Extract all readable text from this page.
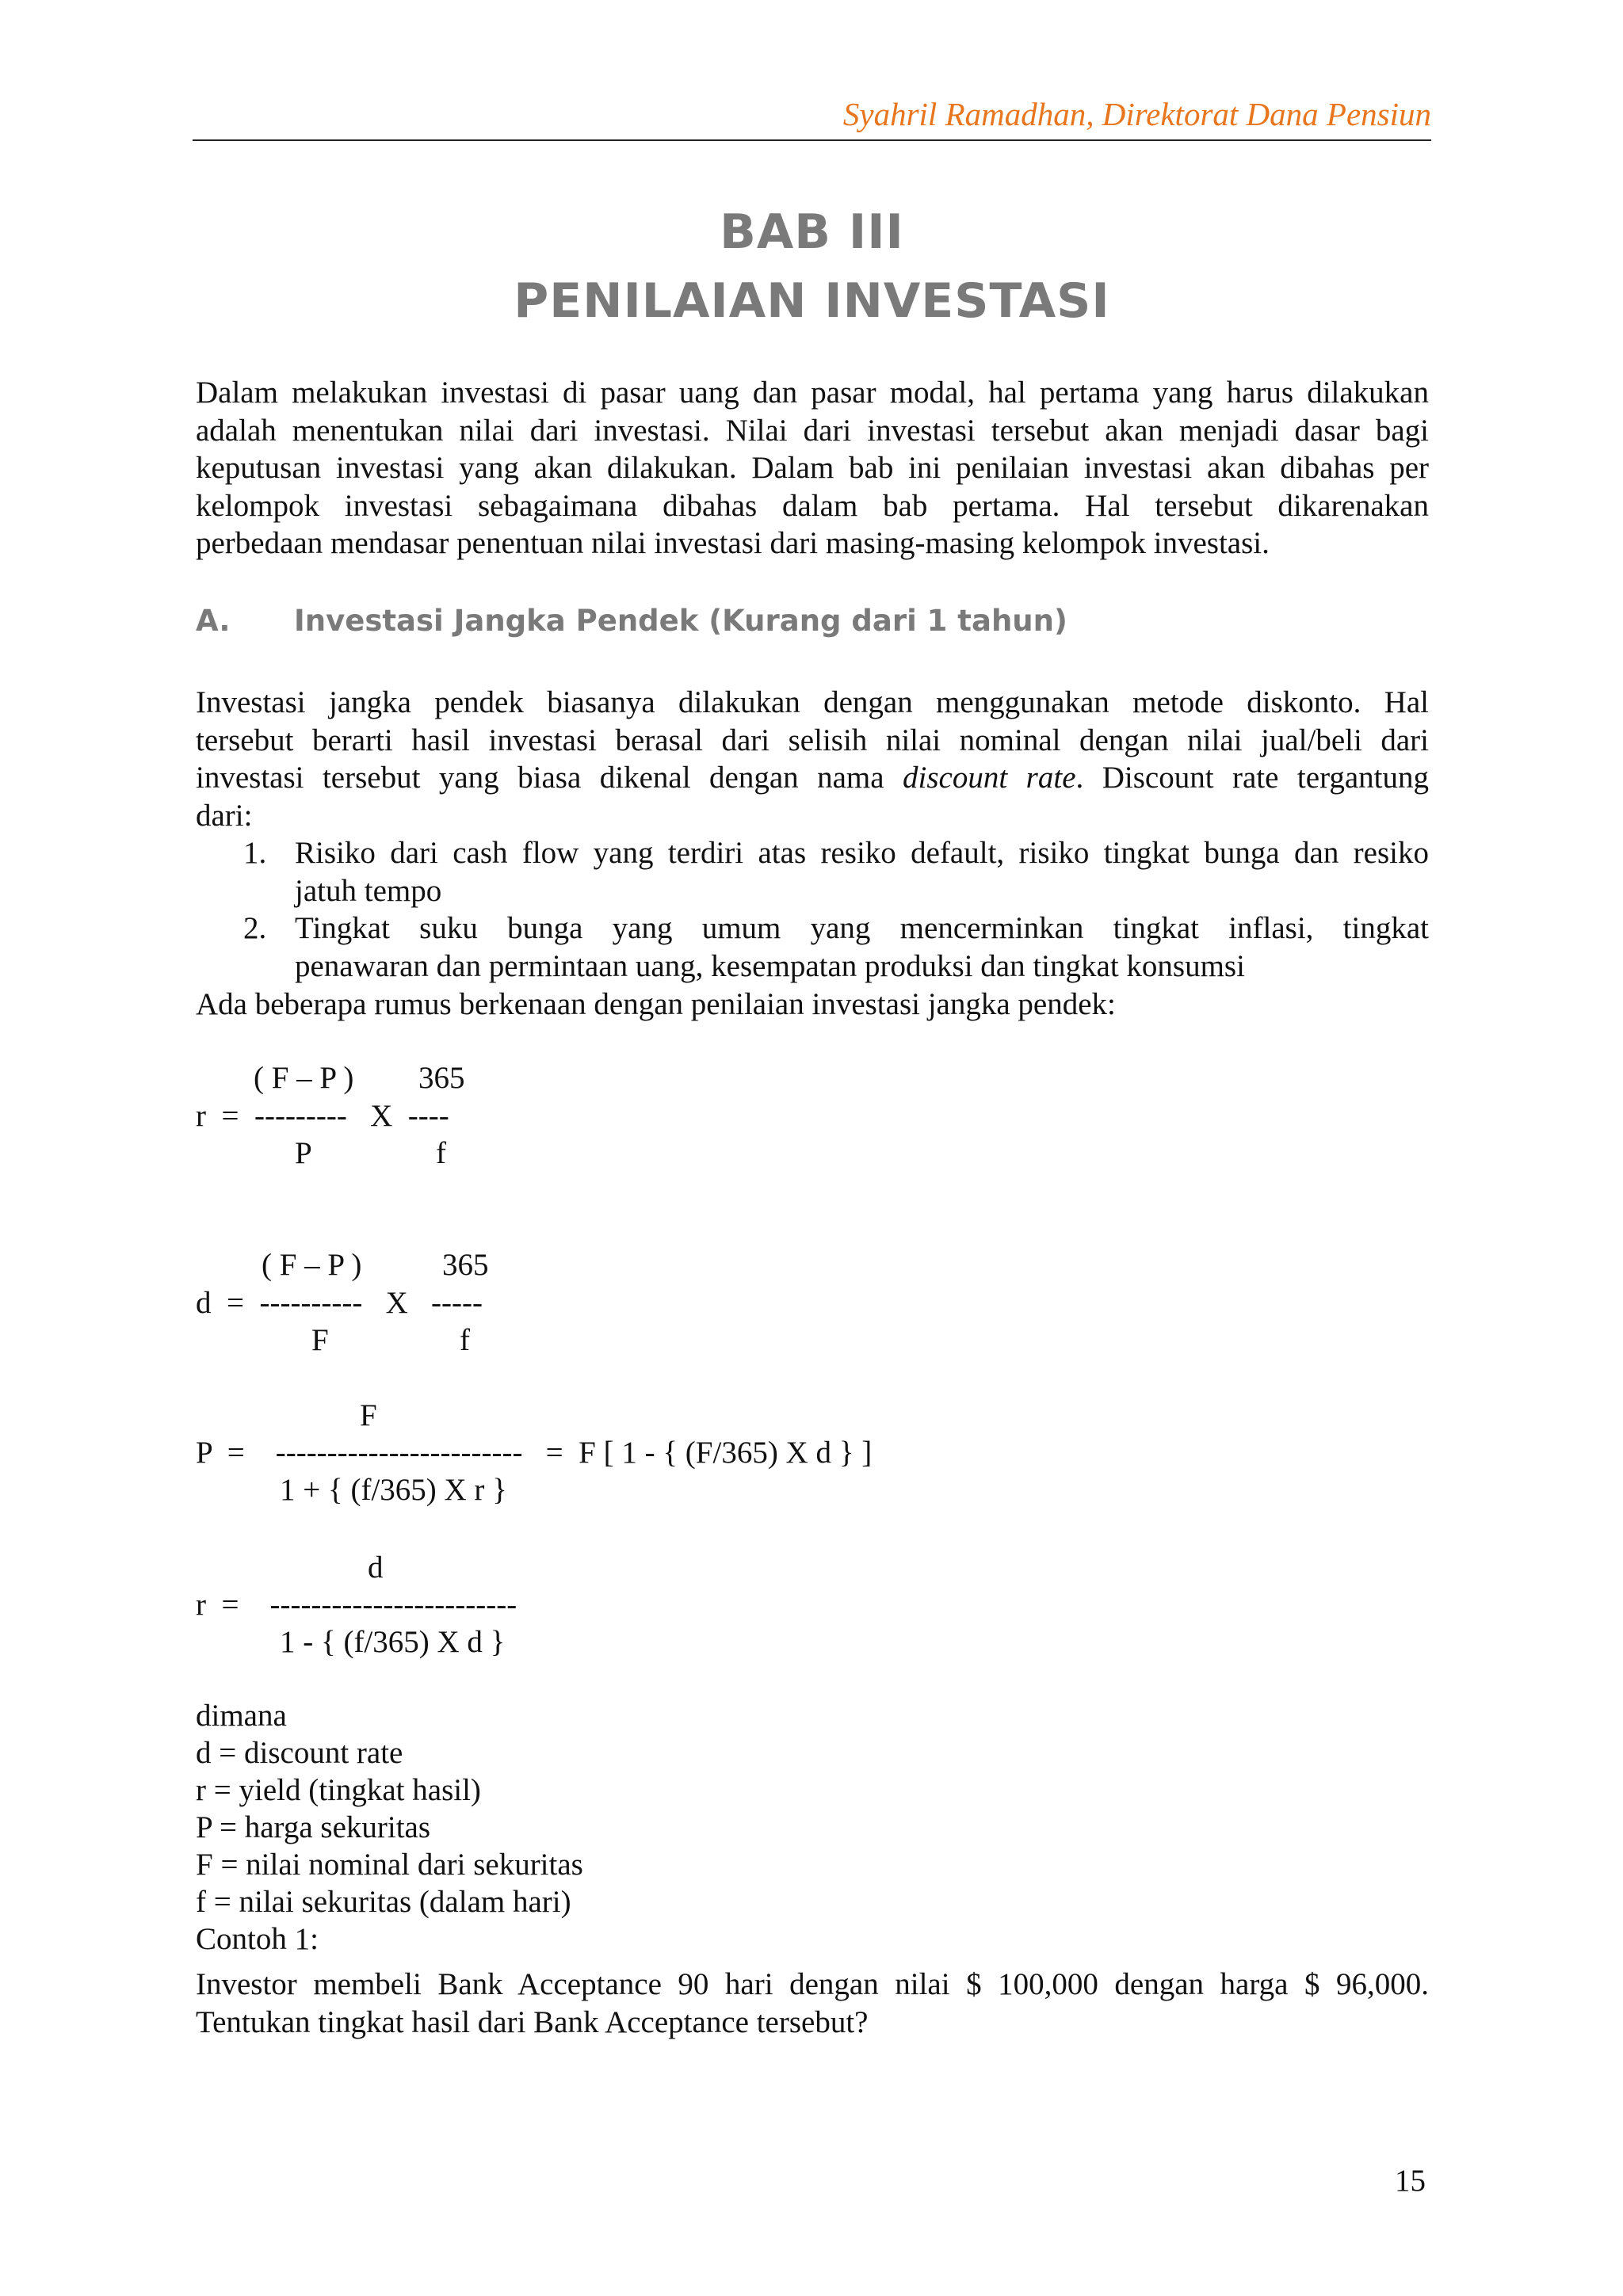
Syahril Ramadhan, Direktorat Dana Pensiun
BAB III
PENILAIAN INVESTASI
Dalam melakukan investasi di pasar uang dan pasar modal, hal pertama yang harus dilakukan
adalah menentukan nilai dari investasi. Nilai dari investasi tersebut akan menjadi dasar bagi
keputusan investasi yang akan dilakukan. Dalam bab ini penilaian investasi akan dibahas per
kelompok investasi sebagaimana dibahas dalam bab pertama. Hal tersebut dikarenakan
perbedaan mendasar penentuan nilai investasi dari masing-masing kelompok investasi.
A. Investasi Jangka Pendek (Kurang dari 1 tahun)
Investasi jangka pendek biasanya dilakukan dengan menggunakan metode diskonto. Hal
tersebut berarti hasil investasi berasal dari selisih nilai nominal dengan nilai jual/beli dari
investasi tersebut yang biasa dikenal dengan nama discount rate. Discount rate tergantung
dari:
1. Risiko dari cash flow yang terdiri atas resiko default, risiko tingkat bunga dan resiko
jatuh tempo
2. Tingkat suku bunga yang umum yang mencerminkan tingkat inflasi, tingkat
penawaran dan permintaan uang, kesempatan produksi dan tingkat konsumsi
Ada beberapa rumus berkenaan dengan penilaian investasi jangka pendek:
( F – P ) 365
r  =  ---------   X  ----
P	f
( F – P )	365
d  =  ----------   X   -----
F	f
F
P  =    ------------------------   =  F [ 1 - { (F/365) X d } ]
1 + { (f/365) X r }
d
r  =    ------------------------
1 - { (f/365) X d }
dimana
d = discount rate
r = yield (tingkat hasil)
P = harga sekuritas
F = nilai nominal dari sekuritas
f = nilai sekuritas (dalam hari)
Contoh 1:
Investor membeli Bank Acceptance 90 hari dengan nilai $ 100,000 dengan harga $ 96,000.
Tentukan tingkat hasil dari Bank Acceptance tersebut?
15
